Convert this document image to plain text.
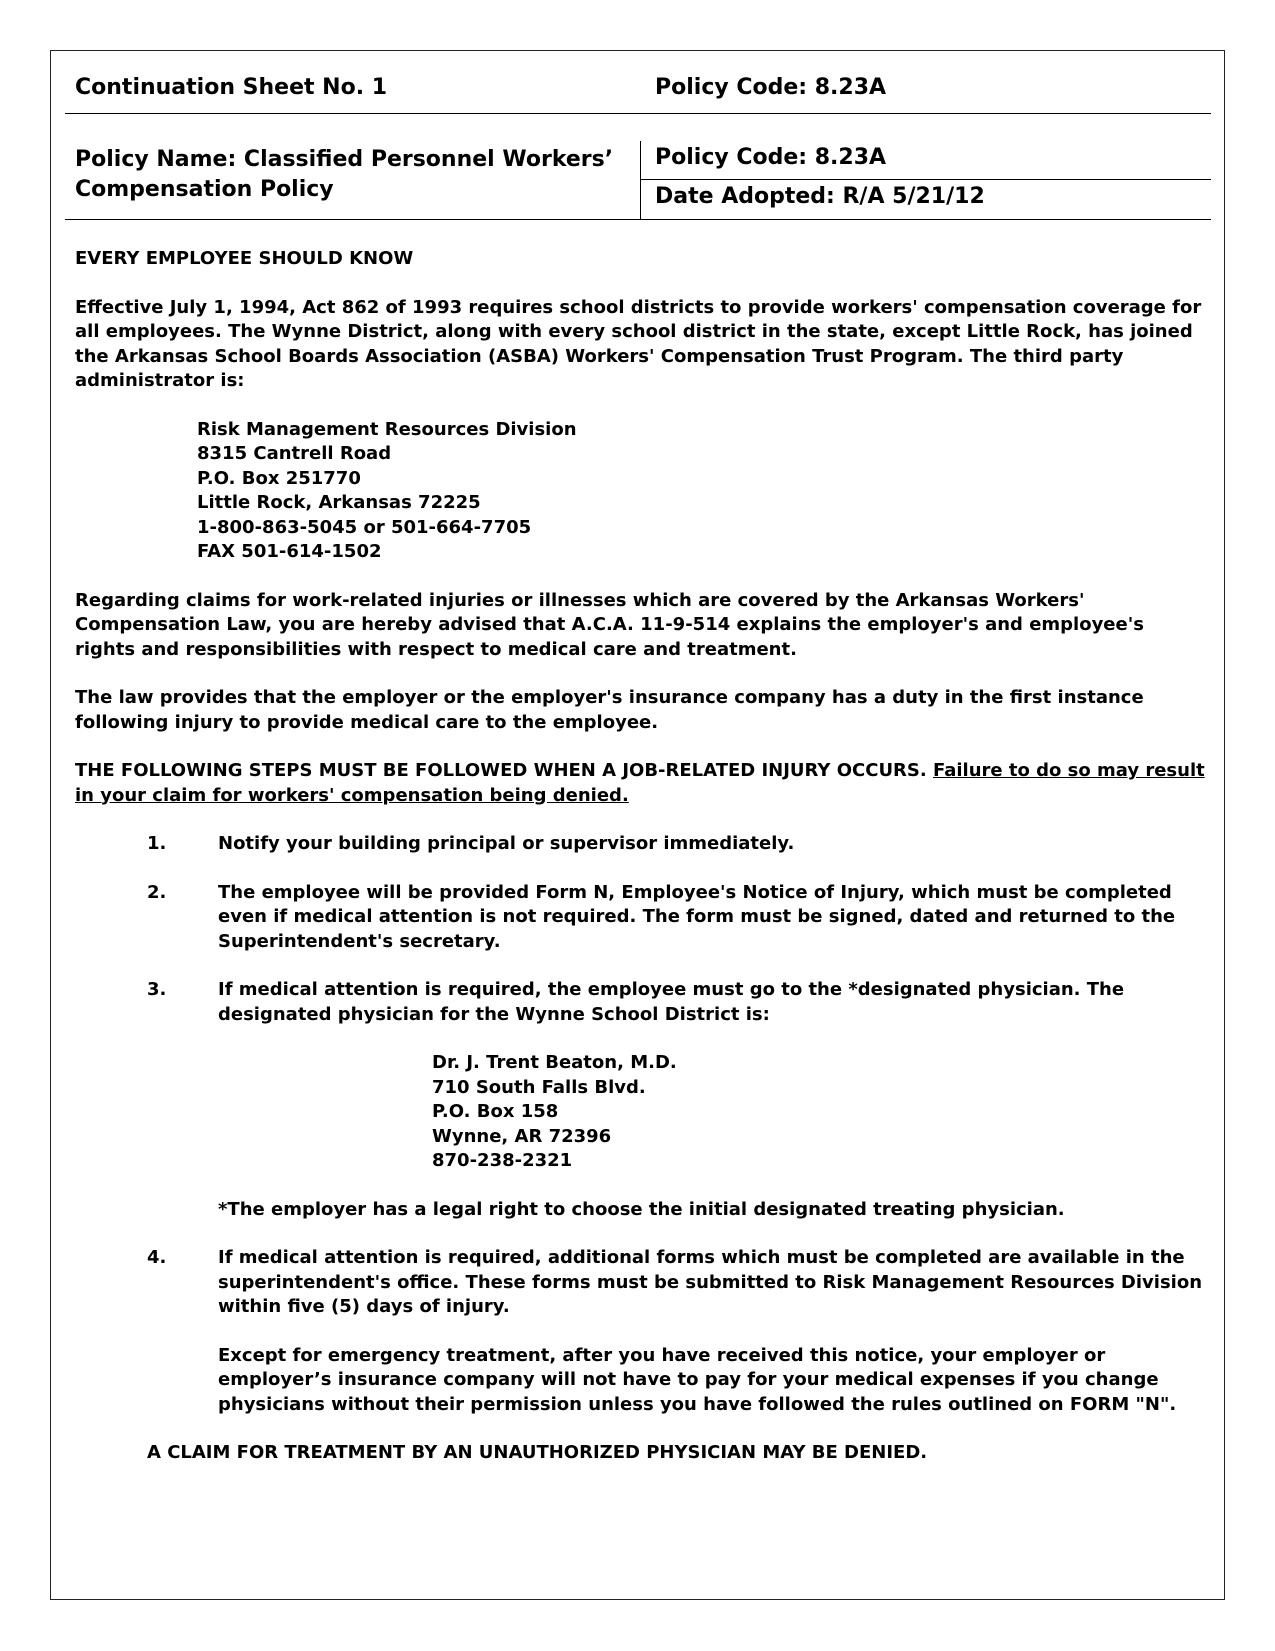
Continuation Sheet No. 1	Policy Code: 8.23A
Policy Name: Classified Personnel Workers’ Compensation Policy
Policy Code: 8.23A
Date Adopted: R/A 5/21/12

EVERY EMPLOYEE SHOULD KNOW

Effective July 1, 1994, Act 862 of 1993 requires school districts to provide workers' compensation coverage for all employees. The Wynne District, along with every school district in the state, except Little Rock, has joined the Arkansas School Boards Association (ASBA) Workers' Compensation Trust Program. The third party administrator is:

Risk Management Resources Division
8315 Cantrell Road
P.O. Box 251770
Little Rock, Arkansas 72225
1-800-863-5045 or 501-664-7705
FAX 501-614-1502

Regarding claims for work-related injuries or illnesses which are covered by the Arkansas Workers' Compensation Law, you are hereby advised that A.C.A. 11-9-514 explains the employer's and employee's rights and responsibilities with respect to medical care and treatment.

The law provides that the employer or the employer's insurance company has a duty in the first instance following injury to provide medical care to the employee.

THE FOLLOWING STEPS MUST BE FOLLOWED WHEN A JOB-RELATED INJURY OCCURS. Failure to do so may result in your claim for workers' compensation being denied.

1.	Notify your building principal or supervisor immediately.
2.	The employee will be provided Form N, Employee's Notice of Injury, which must be completed even if medical attention is not required. The form must be signed, dated and returned to the Superintendent's secretary.
3.	If medical attention is required, the employee must go to the *designated physician. The designated physician for the Wynne School District is:
Dr. J. Trent Beaton, M.D.
710 South Falls Blvd.
P.O. Box 158
Wynne, AR 72396
870-238-2321

*The employer has a legal right to choose the initial designated treating physician.

4.	If medical attention is required, additional forms which must be completed are available in the superintendent's office. These forms must be submitted to Risk Management Resources Division within five (5) days of injury.

Except for emergency treatment, after you have received this notice, your employer or employer’s insurance company will not have to pay for your medical expenses if you change physicians without their permission unless you have followed the rules outlined on FORM "N".

A CLAIM FOR TREATMENT BY AN UNAUTHORIZED PHYSICIAN MAY BE DENIED.
